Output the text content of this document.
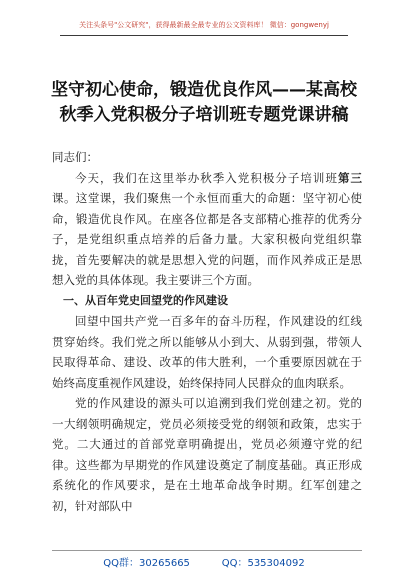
关注头条号"公文研究"，获得最新最全最专业的公文资料库！ 微信：gongwenyj
坚守初心使命，锻造优良作风——某高校
秋季入党积极分子培训班专题党课讲稿

同志们：

今天，我们在这里举办秋季入党积极分子培训班第三课。这堂课，我们聚焦一个永恒而重大的命题：坚守初心使命，锻造优良作风。在座各位都是各支部精心推荐的优秀分子，是党组织重点培养的后备力量。大家积极向党组织靠拢，首先要解决的就是思想入党的问题，而作风养成正是思想入党的具体体现。我主要讲三个方面。

一、从百年党史回望党的作风建设

回望中国共产党一百多年的奋斗历程，作风建设的红线贯穿始终。我们党之所以能够从小到大、从弱到强，带领人民取得革命、建设、改革的伟大胜利，一个重要原因就在于始终高度重视作风建设，始终保持同人民群众的血肉联系。

党的作风建设的源头可以追溯到我们党创建之初。党的一大纲领明确规定，党员必须接受党的纲领和政策，忠实于党。二大通过的首部党章明确提出，党员必须遵守党的纪律。这些都为早期党的作风建设奠定了制度基础。真正形成系统化的作风要求，是在土地革命战争时期。红军创建之初，针对部队中

QQ群：30265665          QQ：535304092
